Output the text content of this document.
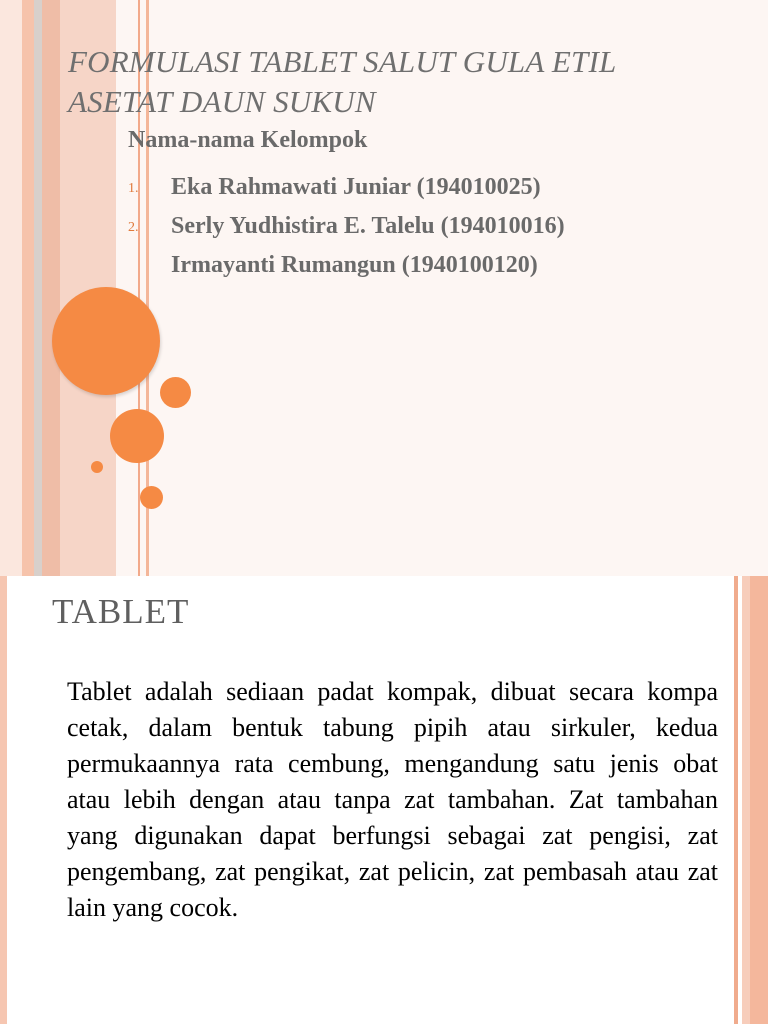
FORMULASI TABLET SALUT GULA ETIL ASETAT DAUN SUKUN

Nama-nama Kelompok

1. Eka Rahmawati Juniar (194010025)
2. Serly Yudhistira E. Talelu (194010016)
Irmayanti Rumangun (1940100120)
TABLET

Tablet adalah sediaan padat kompak, dibuat secara kompa cetak, dalam bentuk tabung pipih atau sirkuler, kedua permukaannya rata cembung, mengandung satu jenis obat atau lebih dengan atau tanpa zat tambahan. Zat tambahan yang digunakan dapat berfungsi sebagai zat pengisi, zat pengembang, zat pengikat, zat pelicin, zat pembasah atau zat lain yang cocok.
